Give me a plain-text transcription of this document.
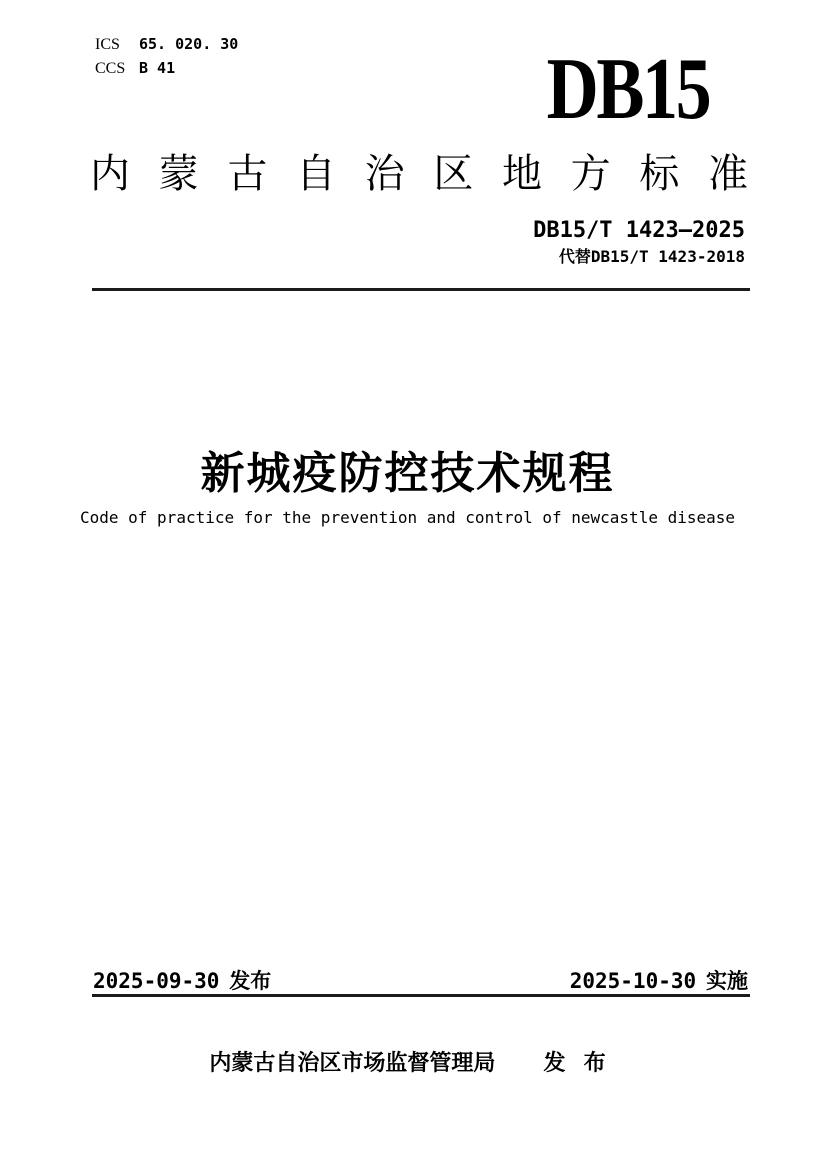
ICS	65. 020. 30
CCS B 41	DB15
内蒙古自治区地方标准
DB15/T 1423—2025
代替DB15/T 1423-2018
新城疫防控技术规程
Code of practice for the prevention and control of newcastle disease
2025-09-30 发布	2025-10-30 实施
内蒙古自治区市场监督管理局 发 布
